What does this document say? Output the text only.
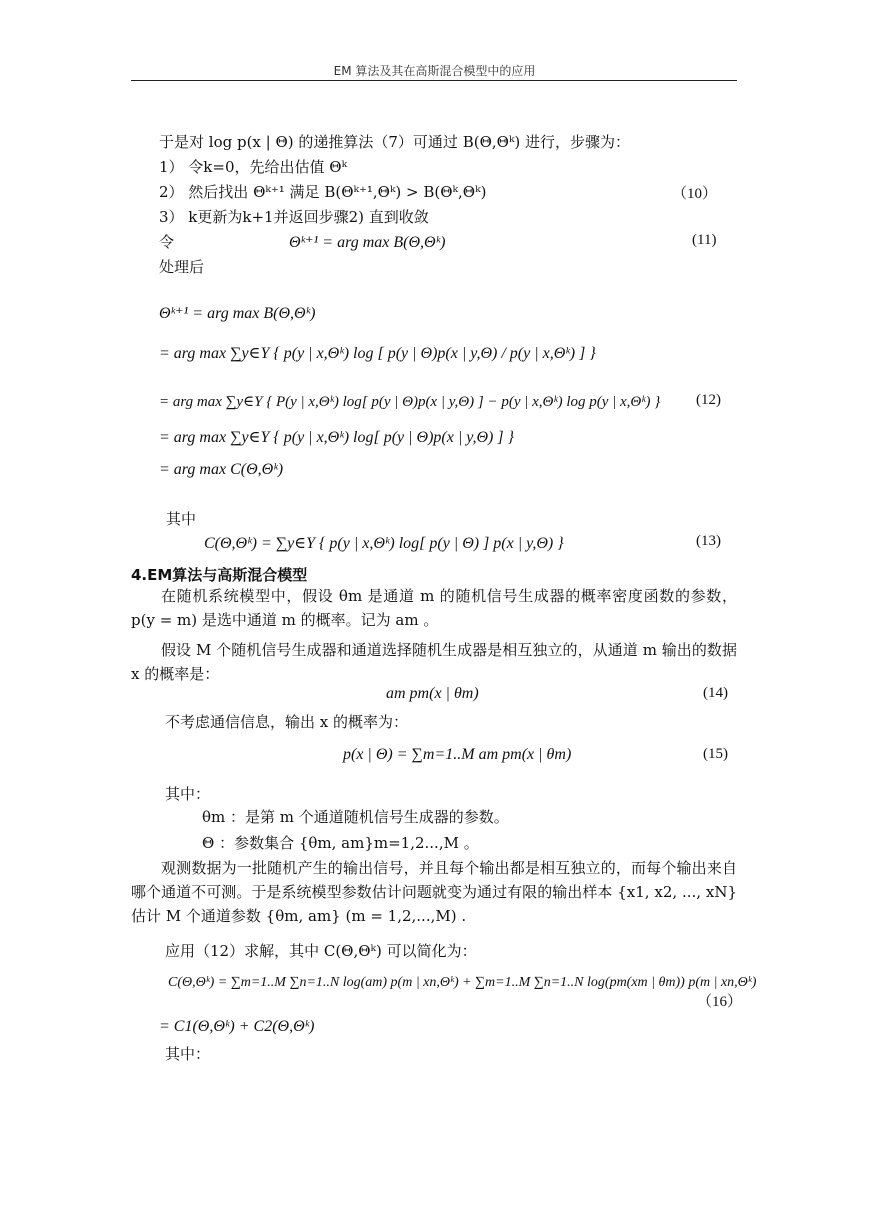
EM 算法及其在高斯混合模型中的应用
于是对 log p(x | Θ) 的递推算法（7）可通过 B(Θ,Θᵏ) 进行，步骤为：
1） 令k=0，先给出估值 Θᵏ
2） 然后找出 Θᵏ⁺¹ 满足 B(Θᵏ⁺¹,Θᵏ) > B(Θᵏ,Θᵏ)	（10）
3） k更新为k+1并返回步骤2) 直到收敛
令	Θᵏ⁺¹ = arg max B(Θ,Θᵏ)	(11)
处理后
Θᵏ⁺¹ = arg max B(Θ,Θᵏ)
= arg max ∑y∈Y { p(y | x,Θᵏ) log [ p(y | Θ)p(x | y,Θ) / p(y | x,Θᵏ) ] }
= arg max ∑y∈Y { P(y | x,Θᵏ) log[ p(y | Θ)p(x | y,Θ) ] − p(y | x,Θᵏ) log p(y | x,Θᵏ) } (12)
= arg max ∑y∈Y { p(y | x,Θᵏ) log[ p(y | Θ)p(x | y,Θ) ] }
= arg max C(Θ,Θᵏ)
其中
C(Θ,Θᵏ) = ∑y∈Y { p(y | x,Θᵏ) log[ p(y | Θ) ] p(x | y,Θ) }	(13)
4.EM算法与高斯混合模型
在随机系统模型中，假设 θm 是通道 m 的随机信号生成器的概率密度函数的参数， p(y = m) 是选中通道 m 的概率。记为 am 。
假设 M 个随机信号生成器和通道选择随机生成器是相互独立的，从通道 m 输出的数据 x 的概率是：
am pm(x | θm)	(14)
不考虑通信信息，输出 x 的概率为：
p(x | Θ) = ∑m=1..M am pm(x | θm)	(15)
其中：
θm ：是第 m 个通道随机信号生成器的参数。
Θ ：参数集合 {θm, am}m=1,2...,M 。
观测数据为一批随机产生的输出信号，并且每个输出都是相互独立的，而每个输出来自哪个通道不可测。于是系统模型参数估计问题就变为通过有限的输出样本 {x1, x2, ..., xN} 估计 M 个通道参数 {θm, am} (m = 1,2,...,M) .
应用（12）求解，其中 C(Θ,Θᵏ) 可以简化为：
C(Θ,Θᵏ) = ∑m=1..M ∑n=1..N log(am) p(m | xn,Θᵏ) + ∑m=1..M ∑n=1..N log(pm(xm | θm)) p(m | xn,Θᵏ)
（16）
= C1(Θ,Θᵏ) + C2(Θ,Θᵏ)
其中：
